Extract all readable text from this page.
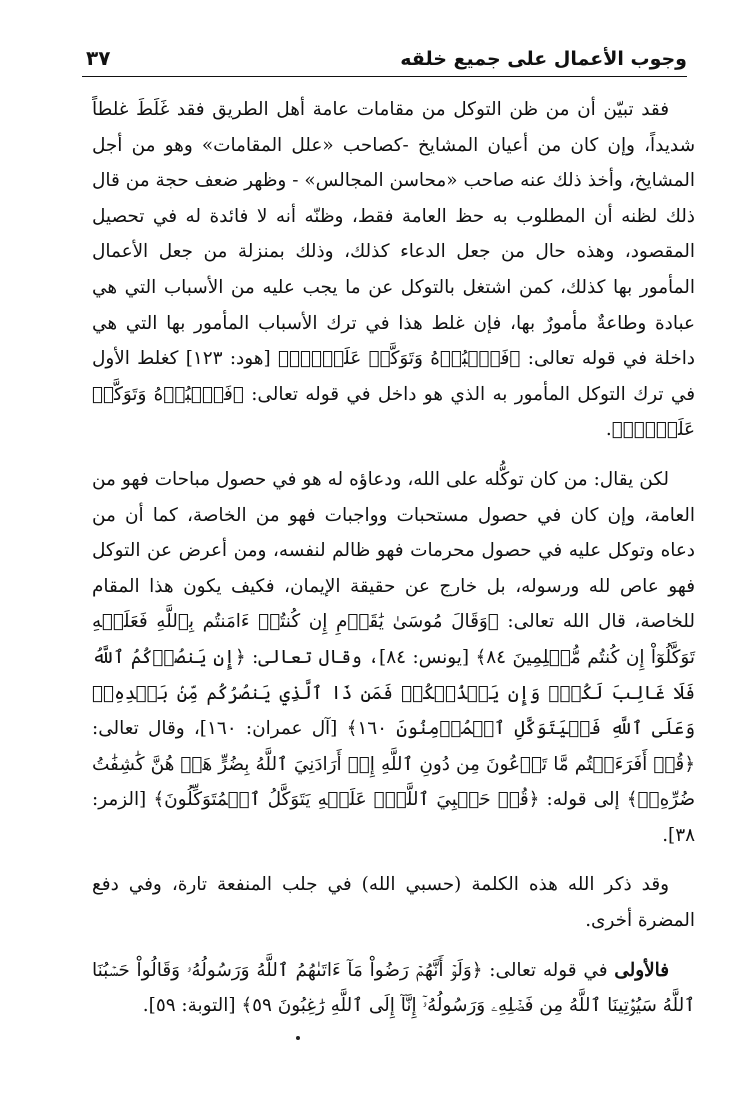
وجوب الأعمال على جميع خلقه
٣٧

فقد تبيّن أن من ظن التوكل من مقامات عامة أهل الطريق فقد غَلَطَ غلطاً شديداً، وإن كان من أعيان المشايخ -كصاحب «علل المقامات» وهو من أجل المشايخ، وأخذ ذلك عنه صاحب «محاسن المجالس» - وظهر ضعف حجة من قال ذلك لظنه أن المطلوب به حظ العامة فقط، وظنّه أنه لا فائدة له في تحصيل المقصود، وهذه حال من جعل الدعاء كذلك، وذلك بمنزلة من جعل الأعمال المأمور بها كذلك، كمن اشتغل بالتوكل عن ما يجب عليه من الأسباب التي هي عبادة وطاعةٌ مأمورٌ بها، فإن غلط هذا في ترك الأسباب المأمور بها التي هي داخلة في قوله تعالى: ﴿فَٱعۡبُدۡهُ وَتَوَكَّلۡ عَلَيۡهِۚ﴾ [هود: ١٢٣] كغلط الأول في ترك التوكل المأمور به الذي هو داخل في قوله تعالى: ﴿فَٱعۡبُدۡهُ وَتَوَكَّلۡ عَلَيۡهِۚ﴾.

لكن يقال: من كان توكُّله على الله، ودعاؤه له هو في حصول مباحات فهو من العامة، وإن كان في حصول مستحبات وواجبات فهو من الخاصة، كما أن من دعاه وتوكل عليه في حصول محرمات فهو ظالم لنفسه، ومن أعرض عن التوكل فهو عاص لله ورسوله، بل خارج عن حقيقة الإيمان، فكيف يكون هذا المقام للخاصة، قال الله تعالى: ﴿وَقَالَ مُوسَىٰ يَٰقَوۡمِ إِن كُنتُمۡ ءَامَنتُم بِٱللَّهِ فَعَلَيۡهِ تَوَكَّلُوٓاْ إِن كُنتُم مُّسۡلِمِينَ ٨٤﴾ [يونس: ٨٤]، وقال تعالى: ﴿إِن يَنصُرۡكُمُ ٱللَّهُ فَلَا غَالِبَ لَكُمۡۖ وَإِن يَخۡذُلۡكُمۡ فَمَن ذَا ٱلَّذِي يَنصُرُكُم مِّنۢ بَعۡدِهِۦۗ وَعَلَى ٱللَّهِ فَلۡيَتَوَكَّلِ ٱلۡمُؤۡمِنُونَ ١٦٠﴾ [آل عمران: ١٦٠]، وقال تعالى: ﴿قُلۡ أَفَرَءَيۡتُم مَّا تَدۡعُونَ مِن دُونِ ٱللَّهِ إِنۡ أَرَادَنِيَ ٱللَّهُ بِضُرٍّ هَلۡ هُنَّ كَٰشِفَٰتُ ضُرِّهِۦٓ﴾ إلى قوله: ﴿قُلۡ حَسۡبِيَ ٱللَّهُۖ عَلَيۡهِ يَتَوَكَّلُ ٱلۡمُتَوَكِّلُونَ﴾ [الزمر: ٣٨].

وقد ذكر الله هذه الكلمة (حسبي الله) في جلب المنفعة تارة، وفي دفع المضرة أخرى.

فالأولى في قوله تعالى: ﴿وَلَوۡ أَنَّهُمۡ رَضُواْ مَآ ءَاتَىٰهُمُ ٱللَّهُ وَرَسُولُهُۥ وَقَالُواْ حَسۡبُنَا ٱللَّهُ سَيُؤۡتِينَا ٱللَّهُ مِن فَضۡلِهِۦ وَرَسُولُهُۥٓ إِنَّآ إِلَى ٱللَّهِ رَٰغِبُونَ ٥٩﴾ [التوبة: ٥٩].
